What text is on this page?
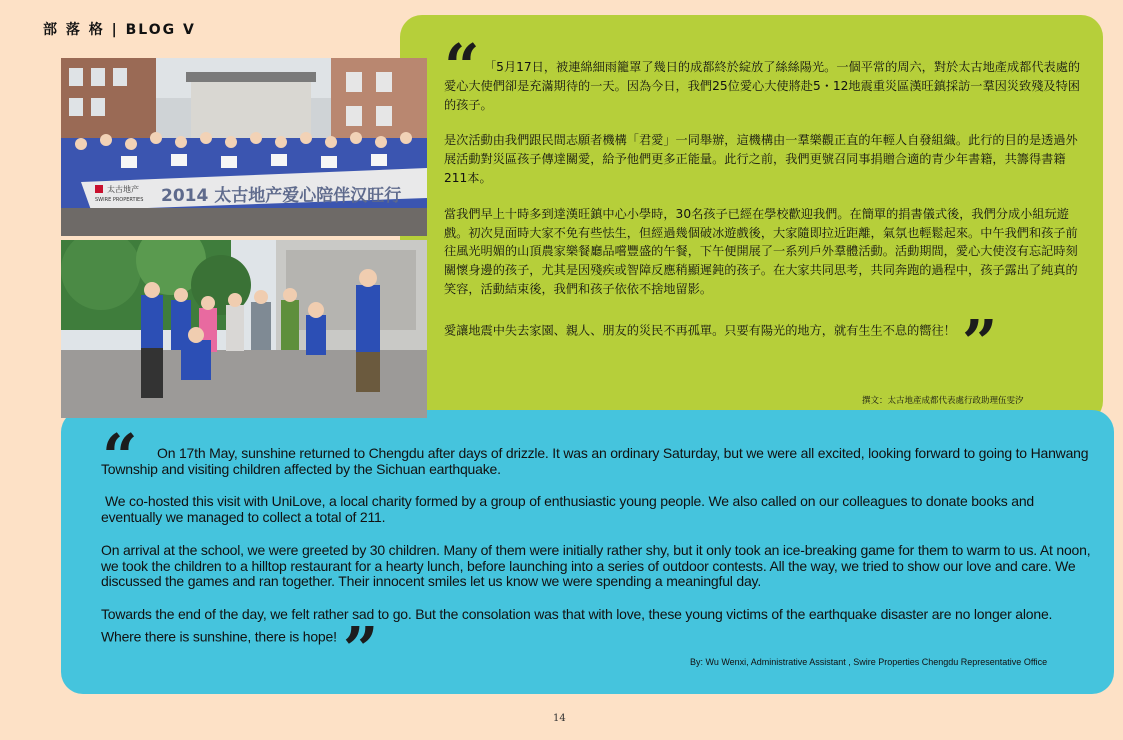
部 落 格 | BLOG V
太古地产
SWIRE PROPERTIES 2014 太古地产爱心陪伴汉旺行
“ 「5月17日，被連綿細雨籠罩了幾日的成都終於綻放了絲絲陽光。一個平常的周六，對於太古地產成都代表處的愛心大使們卻是充滿期待的一天。因為今日，我們25位愛心大使將赴5・12地震重災區漢旺鎮採訪一羣因災致殘及特困的孩子。

是次活動由我們跟民間志願者機構「君愛」一同舉辦，這機構由一羣樂觀正直的年輕人自發組織。此行的目的是透過外展活動對災區孩子傳達關愛，給予他們更多正能量。此行之前，我們更號召同事捐贈合適的青少年書籍，共籌得書籍211本。

當我們早上十時多到達漢旺鎮中心小學時，30名孩子已經在學校歡迎我們。在簡單的捐書儀式後，我們分成小組玩遊戲。初次見面時大家不免有些怯生，但經過幾個破冰遊戲後，大家隨即拉近距離，氣氛也輕鬆起來。中午我們和孩子前往風光明媚的山頂農家樂餐廳品嚐豐盛的午餐，下午便開展了一系列戶外羣體活動。活動期間，愛心大使沒有忘記時刻關懷身邊的孩子，尤其是因殘疾或智障反應稍顯遲鈍的孩子。在大家共同思考，共同奔跑的過程中，孩子露出了純真的笑容，活動結束後，我們和孩子依依不捨地留影。

愛讓地震中失去家園、親人、朋友的災民不再孤單。只要有陽光的地方，就有生生不息的嚮往！”

撰文：太古地產成都代表處行政助理伍雯汐
“	On 17th May, sunshine returned to Chengdu after days of drizzle. It was an ordinary Saturday, but we were all excited, looking forward to going to Hanwang Township and visiting children affected by the Sichuan earthquake.

We co-hosted this visit with UniLove, a local charity formed by a group of enthusiastic young people. We also called on our colleagues to donate books and eventually we managed to collect a total of 211.

On arrival at the school, we were greeted by 30 children. Many of them were initially rather shy, but it only took an ice-breaking game for them to warm to us. At noon, we took the children to a hilltop restaurant for a hearty lunch, before launching into a series of outdoor contests. All the way, we tried to show our love and care. We discussed the games and ran together. Their innocent smiles let us know we were spending a meaningful day.

Towards the end of the day, we felt rather sad to go. But the consolation was that with love, these young victims of the earthquake disaster are no longer alone. Where there is sunshine, there is hope!”	By: Wu Wenxi, Administrative Assistant , Swire Properties Chengdu Representative Office
14
